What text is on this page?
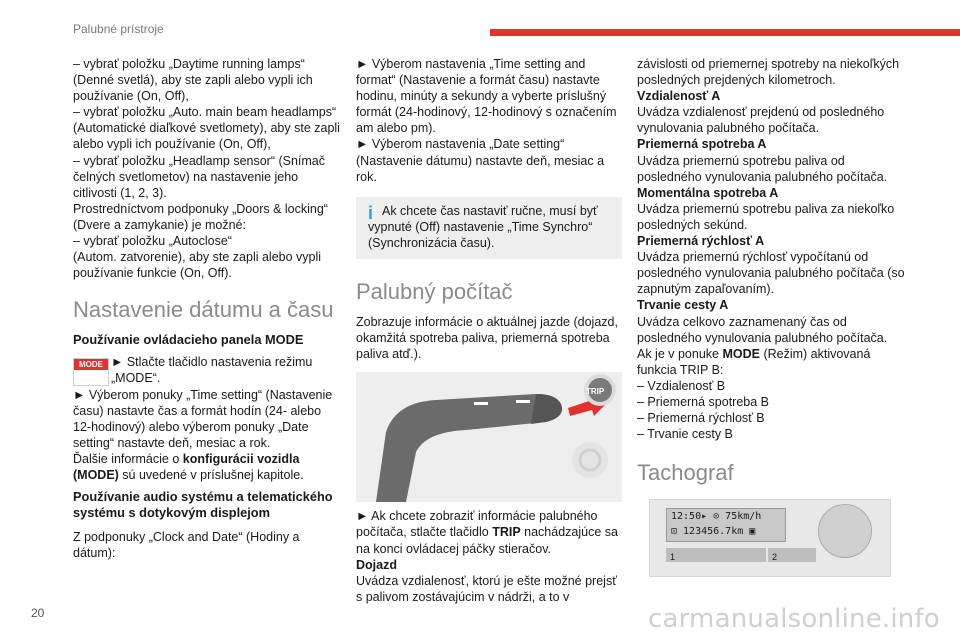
Palubné prístroje

– vybrať položku „Daytime running lamps“ (Denné svetlá), aby ste zapli alebo vypli ich používanie (On, Off),

– vybrať položku „Auto. main beam headlamps“ (Automatické diaľkové svetlomety), aby ste zapli alebo vypli ich používanie (On, Off),

– vybrať položku „Headlamp sensor“ (Snímač čelných svetlometov) na nastavenie jeho citlivosti (1, 2, 3).

Prostredníctvom podponuky „Doors & locking“ (Dvere a zamykanie) je možné:

– vybrať položku „Autoclose“

(Autom. zatvorenie), aby ste zapli alebo vypli používanie funkcie (On, Off).

Nastavenie dátumu a času
Používanie ovládacieho panela MODE
MODE ► Stlačte tlačidlo nastavenia režimu „MODE“.

► Výberom ponuky „Time setting“ (Nastavenie času) nastavte čas a formát hodín (24- alebo 12-hodinový) alebo výberom ponuky „Date setting“ nastavte deň, mesiac a rok.

Ďalšie informácie o konfigurácii vozidla (MODE) sú uvedené v príslušnej kapitole.

Používanie audio systému a telematického systému s dotykovým displejom

Z podponuky „Clock and Date“ (Hodiny a dátum):

► Výberom nastavenia „Time setting and format“ (Nastavenie a formát času) nastavte hodinu, minúty a sekundy a vyberte príslušný formát (24-hodinový, 12-hodinový s označením am alebo pm).

► Výberom nastavenia „Date setting“ (Nastavenie dátumu) nastavte deň, mesiac a rok.

i Ak chcete čas nastaviť ručne, musí byť vypnuté (Off) nastavenie „Time Synchro“ (Synchronizácia času).

Palubný počítač

Zobrazuje informácie o aktuálnej jazde (dojazd, okamžitá spotreba paliva, priemerná spotreba paliva atď.).

TRIP

► Ak chcete zobraziť informácie palubného počítača, stlačte tlačidlo TRIP nachádzajúce sa na konci ovládacej páčky stieračov.

Dojazd

Uvádza vzdialenosť, ktorú je ešte možné prejsť s palivom zostávajúcim v nádrži, a to v

závislosti od priemernej spotreby na niekoľkých posledných prejdených kilometroch.

Vzdialenosť A

Uvádza vzdialenosť prejdenú od posledného vynulovania palubného počítača.

Priemerná spotreba A

Uvádza priemernú spotrebu paliva od posledného vynulovania palubného počítača.

Momentálna spotreba A

Uvádza priemernú spotrebu paliva za niekoľko posledných sekúnd.

Priemerná rýchlosť A

Uvádza priemernú rýchlosť vypočítanú od posledného vynulovania palubného počítača (so zapnutým zapaľovaním).

Trvanie cesty A

Uvádza celkovo zaznamenaný čas od posledného vynulovania palubného počítača.

Ak je v ponuke MODE (Režim) aktivovaná funkcia TRIP B:

– Vzdialenosť B

– Priemerná spotreba B

– Priemerná rýchlosť B

– Trvanie cesty B

Tachograf
12:50▸ ⊙ 75km/h
⊡ 123456.7km ▣
1	2
20	carmanualsonline.info
